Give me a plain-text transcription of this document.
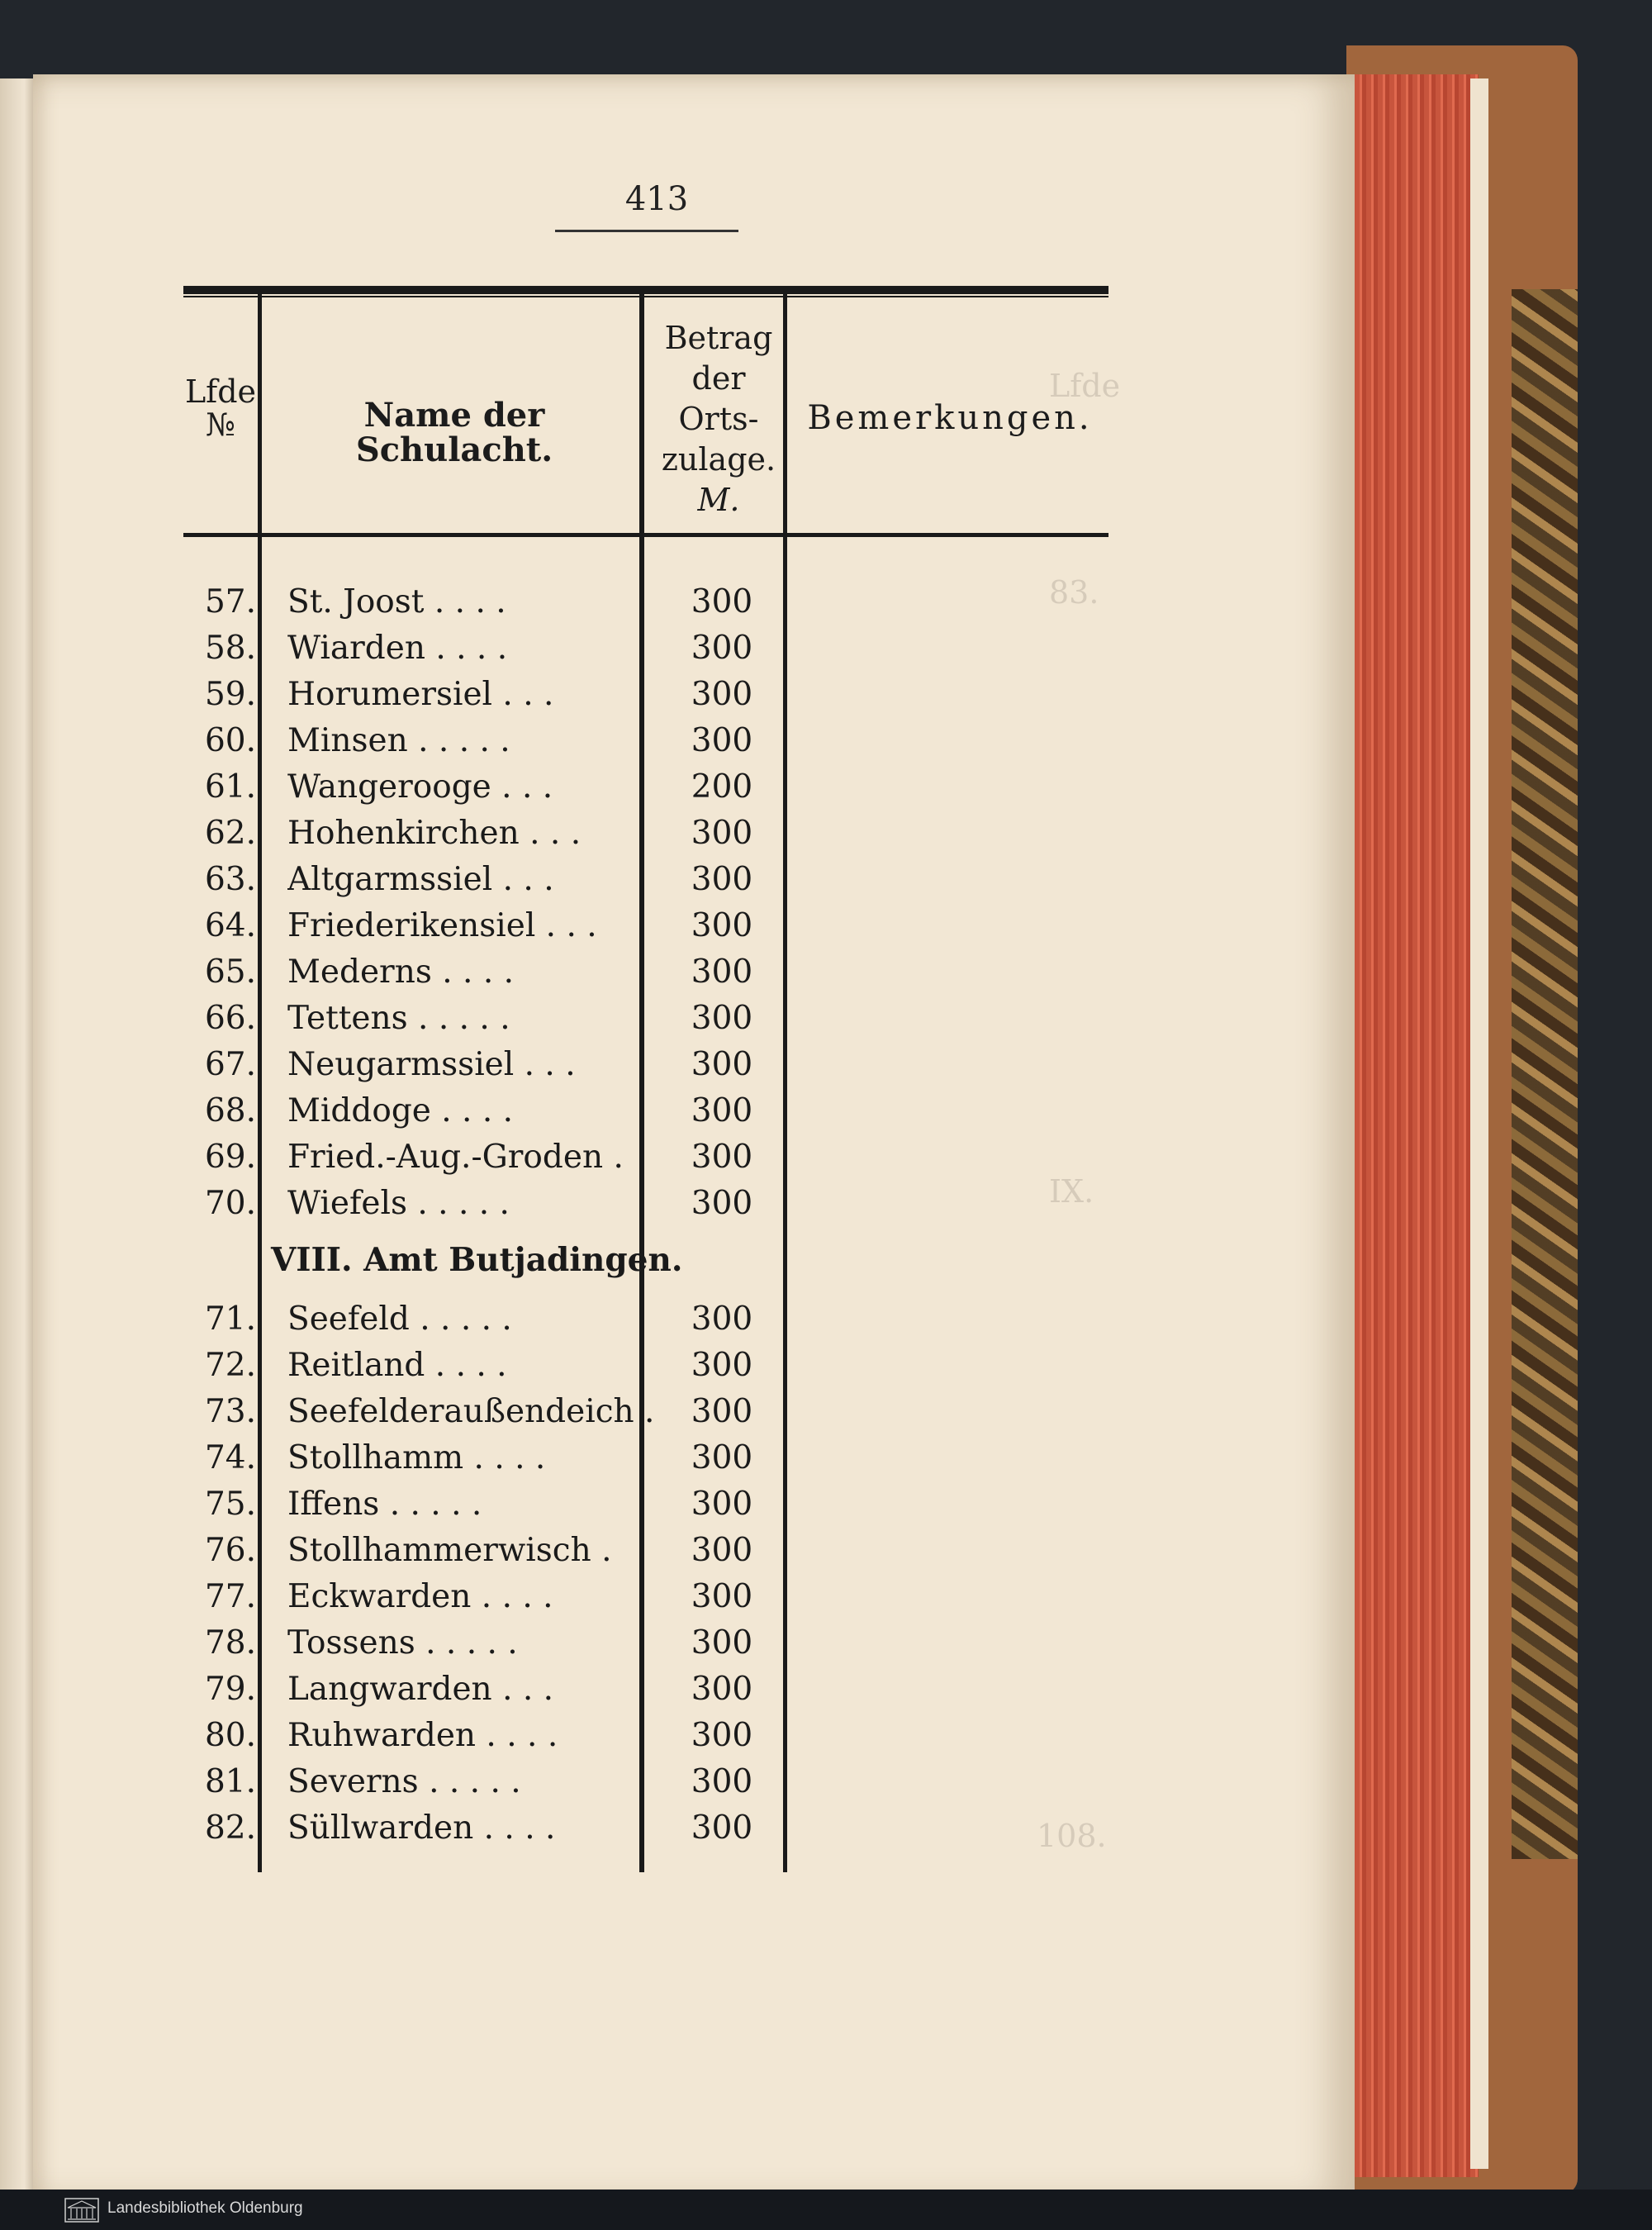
Lfde
83.
IX.
108.
413
Lfde №	Name der Schulacht.
Betrag
der
Orts-
zulage.
M.
Bemerkungen.
57. St. Joost . . . .	300
58. Wiarden . . . .	300
59. Horumersiel . . .	300
60. Minsen . . . . .	300
61. Wangerooge . . .	200
62. Hohenkirchen . . .	300
63. Altgarmssiel . . .	300
64. Friederikensiel . . .	300
65. Mederns . . . .	300
66. Tettens . . . . .	300
67. Neugarmssiel . . .	300
68. Middoge . . . .	300
69. Fried.-Aug.-Groden .	300
70. Wiefels . . . . .	300
VIII. Amt Butjadingen.
71. Seefeld . . . . .	300
72. Reitland . . . .	300
73. Seefelderaußendeich .	300
74. Stollhamm . . . .	300
75. Iffens . . . . .	300
76. Stollhammerwisch .	300
77. Eckwarden . . . .	300
78. Tossens . . . . .	300
79. Langwarden . . .	300
80. Ruhwarden . . . .	300
81. Severns . . . . .	300
82. Süllwarden . . . .	300
Landesbibliothek Oldenburg
